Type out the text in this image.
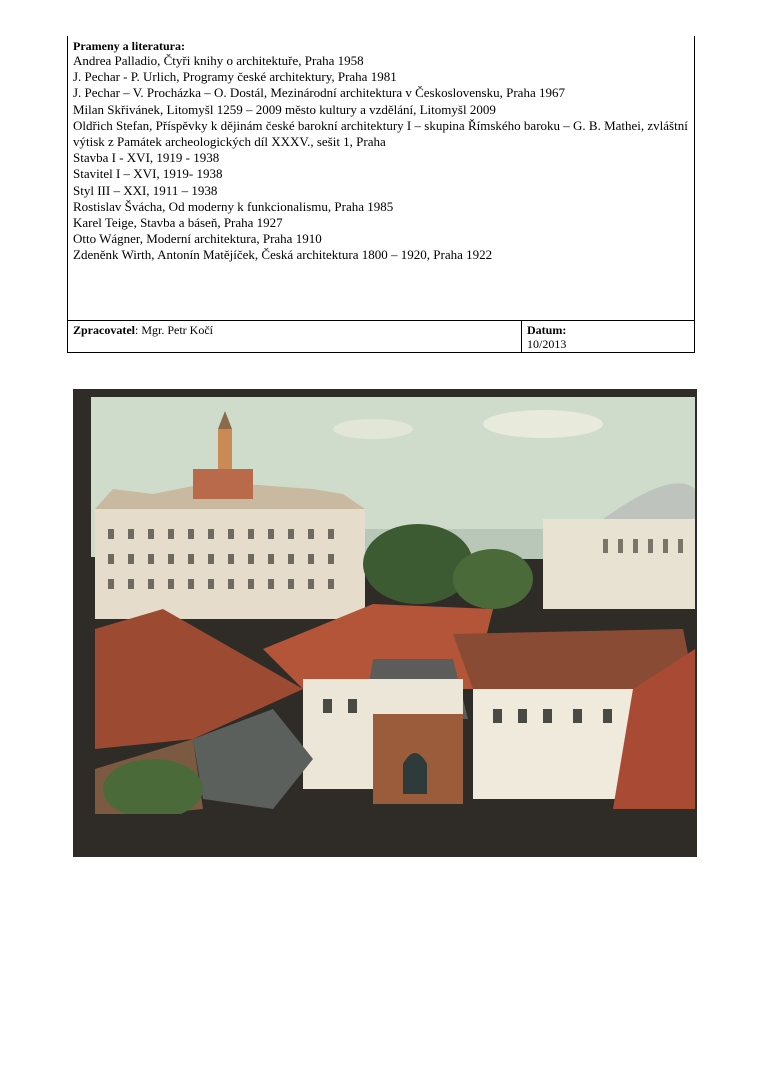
Prameny a literatura:
Andrea Palladio, Čtyři knihy o architektuře, Praha 1958
J. Pechar - P. Urlich, Programy české architektury, Praha 1981
J. Pechar – V. Procházka – O. Dostál, Mezinárodní architektura v Československu, Praha 1967
Milan Skřivánek, Litomyšl 1259 – 2009 město kultury a vzdělání, Litomyšl 2009
Oldřich Stefan, Příspěvky k dějinám české barokní architektury I – skupina Římského baroku – G. B. Mathei, zvláštní výtisk z Památek archeologických díl XXXV., sešit 1, Praha
Stavba I - XVI, 1919 - 1938
Stavitel I – XVI, 1919- 1938
Styl III – XXI, 1911 – 1938
Rostislav Švácha, Od moderny k funkcionalismu, Praha 1985
Karel Teige, Stavba a báseň, Praha 1927
Otto Wágner, Moderní architektura, Praha 1910
Zdeněnk Wirth, Antonín Matějíček, Česká architektura 1800 – 1920, Praha 1922
Zpracovatel: Mgr. Petr Kočí	Datum:
10/2013
